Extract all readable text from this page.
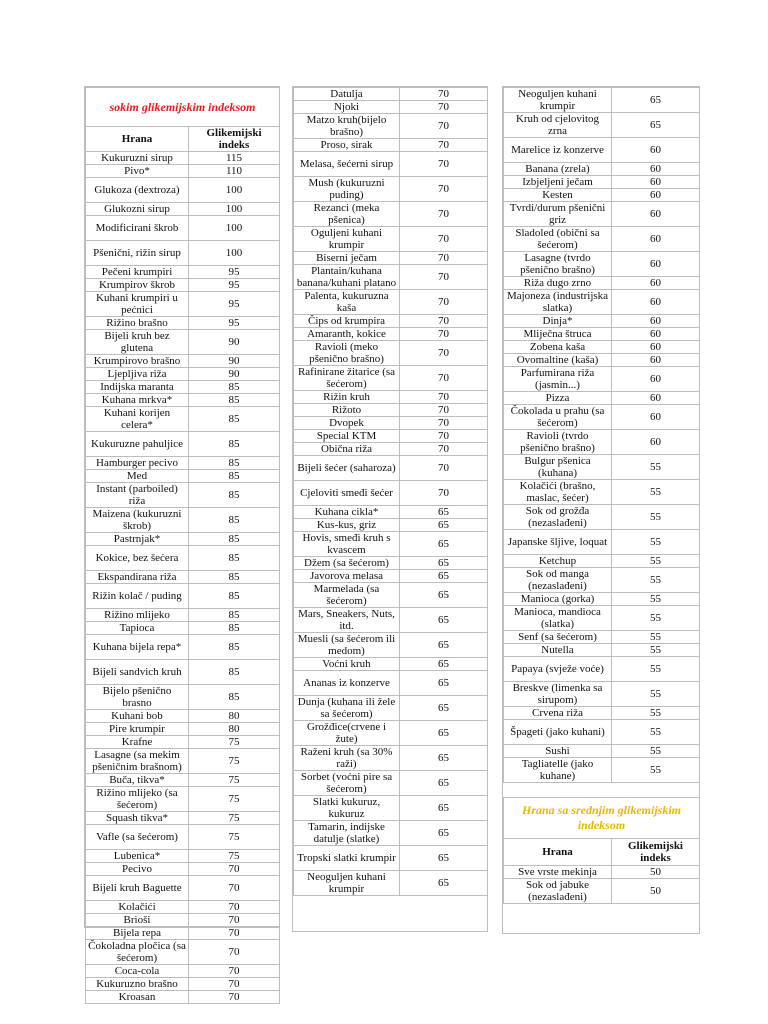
sokim glikemijskim indeksom	
Hrana	Glikemijski indeks
Kukuruzni sirup	115
Pivo*	110
Glukoza (dextroza)	100
Glukozni sirup	100
Modificirani škrob	100
Pšenični, rižin sirup	100
Pečeni krumpiri	95
Krumpirov škrob	95
Kuhani krumpiri u pećnici	95
Rižino brašno	95
Bijeli kruh bez glutena	90
Krumpirovo brašno	90
Ljepljiva riža	90
Indijska maranta	85
Kuhana mrkva*	85
Kuhani korijen celera*	85
Kukuruzne pahuljice	85
Hamburger pecivo	85
Med	85
Instant (parboiled) riža	85
Maizena (kukuruzni škrob)	85
Pastrnjak*	85
Kokice, bez šećera	85
Ekspandirana riža	85
Rižin kolač / puding	85
Rižino mlijeko	85
Tapioca	85
Kuhana bijela repa*	85
Bijeli sandvich kruh	85
Bijelo pšenično brasno	85
Kuhani bob	80
Pire krumpir	80
Krafne	75
Lasagne (sa mekim pšeničnim brašnom)	75
Buča, tikva*	75
Rižino mlijeko (sa šećerom)	75
Squash tikva*	75
Vafle (sa šećerom)	75
Lubenica*	75
Pecivo	70
Bijeli kruh Baguette	70
Kolačići	70
Brioši	70
Bijela repa	70
Čokoladna pločica (sa šećerom)	70
Coca-cola	70
Kukuruzno brašno	70
Kroasan	70
Datulja	70
Njoki	70
Matzo kruh(bijelo brašno)	70
Proso, sirak	70
Melasa, šećerni sirup	70
Mush (kukuruzni puding)	70
Rezanci (meka pšenica)	70
Oguljeni kuhani krumpir	70
Biserni ječam	70
Plantain/kuhana banana/kuhani platano	70
Palenta, kukuruzna kaša	70
Čips od krumpira	70
Amaranth, kokice	70
Ravioli (meko pšenično brašno)	70
Rafinirane žitarice (sa šećerom)	70
Rižin kruh	70
Rižoto	70
Dvopek	70
Special KTM	70
Obična riža	70
Bijeli šećer (saharoza)	70
Cjeloviti smeđi šećer	70
Kuhana cikla*	65
Kus-kus, griz	65
Hovis, smeđi kruh s kvascem	65
Džem (sa šećerom)	65
Javorova melasa	65
Marmelada (sa šećerom)	65
Mars, Sneakers, Nuts, itd.	65
Muesli (sa šećerom ili medom)	65
Voćni kruh	65
Ananas iz konzerve	65
Dunja (kuhana ili žele sa šećerom)	65
Grožđice(crvene i žute)	65
Raženi kruh (sa 30% raži)	65
Sorbet (voćni pire sa šećerom)	65
Slatki kukuruz, kukuruz	65
Tamarin, indijske datulje (slatke)	65
Tropski slatki krumpir	65
Neoguljen kuhani krumpir	65
Neoguljen kuhani krumpir	65
Kruh od cjelovitog zrna	65
Marelice iz konzerve	60
Banana (zrela)	60
Izbjeljeni ječam	60
Kesten	60
Tvrdi/durum pšenični griz	60
Sladoled (obični sa šećerom)	60
Lasagne (tvrdo pšenično brašno)	60
Riža dugo zrno	60
Majoneza (industrijska slatka)	60
Dinja*	60
Mliječna štruca	60
Zobena kaša	60
Ovomaltine (kaša)	60
Parfumirana riža (jasmin...)	60
Pizza	60
Čokolada u prahu (sa šećerom)	60
Ravioli (tvrdo pšenično brašno)	60
Bulgur pšenica (kuhana)	55
Kolačići (brašno, maslac, šećer)	55
Sok od grožđa (nezaslađeni)	55
Japanske šljive, loquat	55
Ketchup	55
Sok od manga (nezaslađeni)	55
Manioca (gorka)	55
Manioca, mandioca (slatka)	55
Senf (sa šećerom)	55
Nutella	55
Papaya (svježe voće)	55
Breskve (limenka sa sirupom)	55
Crvena riža	55
Špageti (jako kuhani)	55
Sushi	55
Tagliatelle (jako kuhane)	55
Hrana sa srednjim glikemijskim indeksom	
Hrana	Glikemijski indeks
Sve vrste mekinja	50
Sok od jabuke (nezaslađeni)	50
